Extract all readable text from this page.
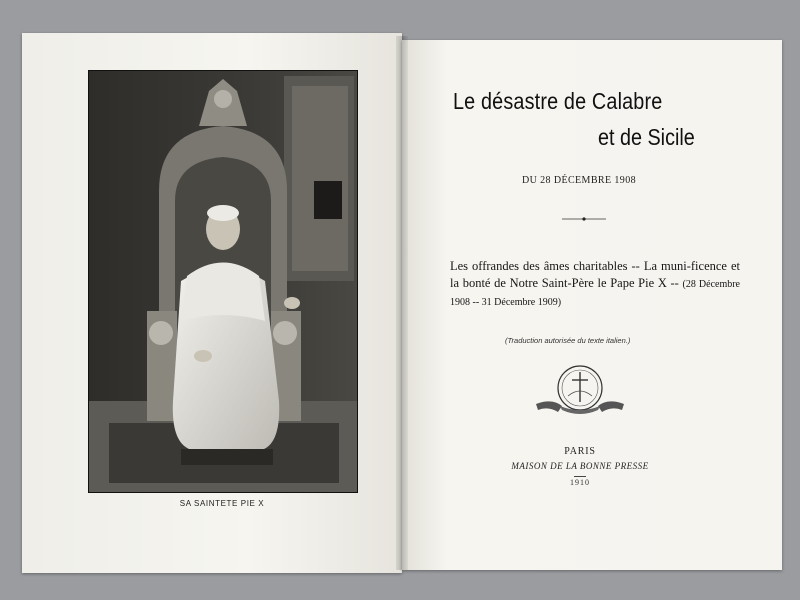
SA SAINTETE PIE X
Le désastre de Calabre
et de Sicile
DU 28 DÉCEMBRE 1908
Les offrandes des âmes charitables -- La muni-ficence et la bonté de Notre Saint-Père le Pape Pie X -- (28 Décembre 1908 -- 31 Décembre 1909)
(Traduction autorisée du texte italien.)
PARIS
MAISON DE LA BONNE PRESSE
1910
